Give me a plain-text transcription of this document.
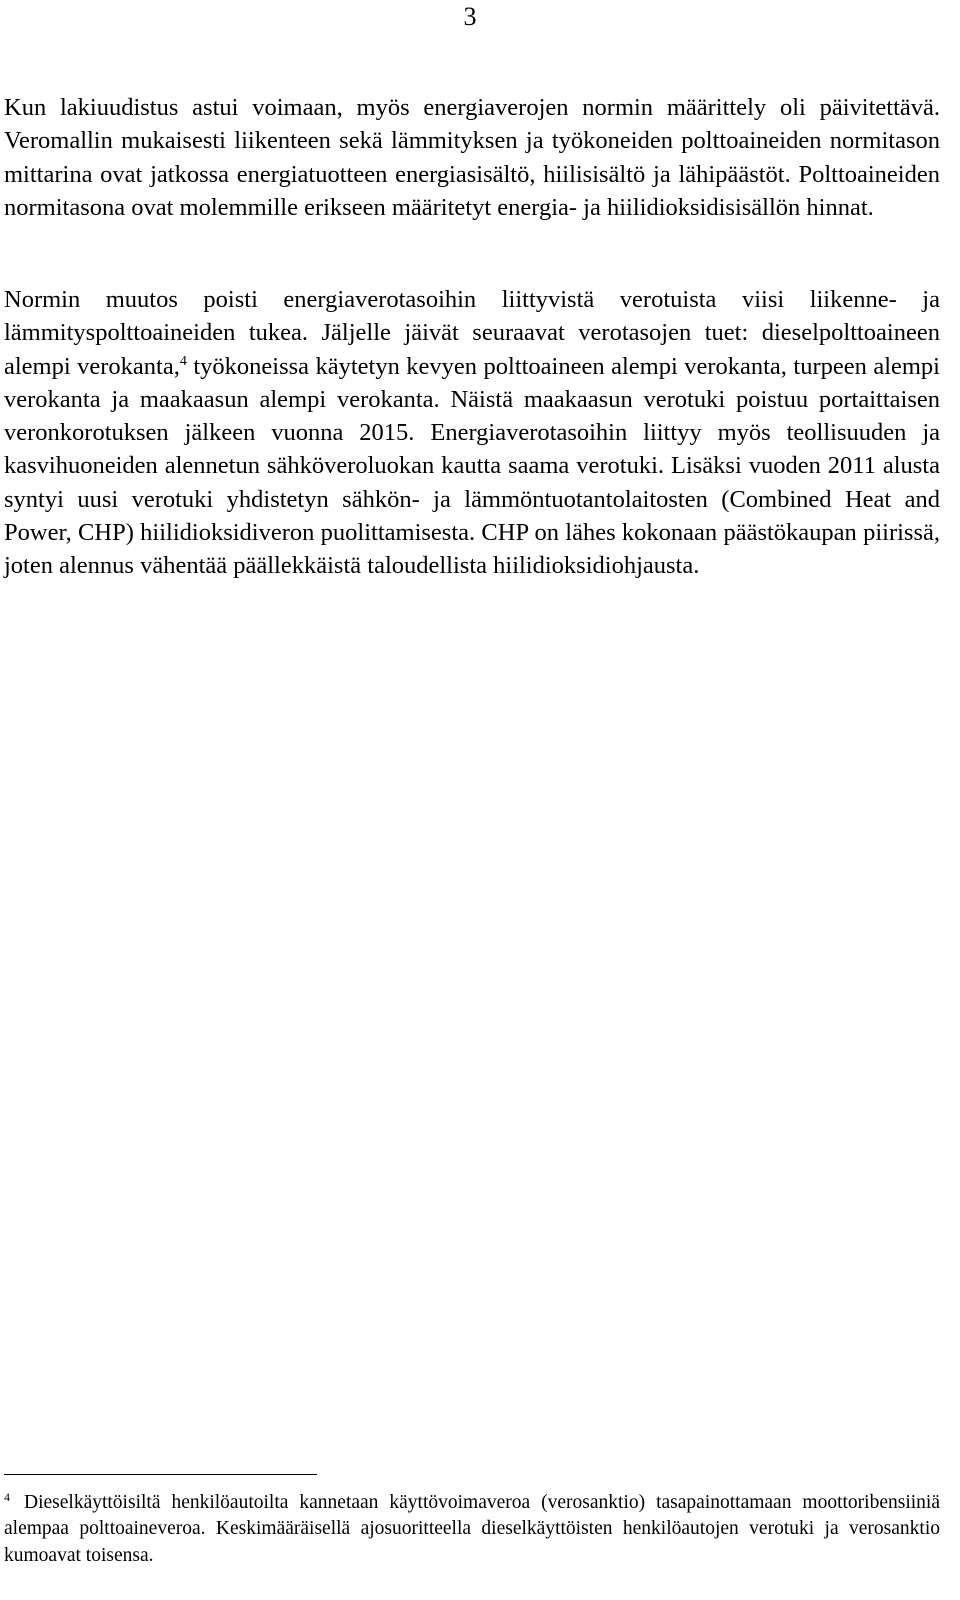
3

Kun lakiuudistus astui voimaan, myös energiaverojen normin määrittely oli päivitettävä. Veromallin mukaisesti liikenteen sekä lämmityksen ja työkoneiden polttoaineiden normitason mittarina ovat jatkossa energiatuotteen energiasisältö, hiilisisältö ja lähipäästöt. Polttoaineiden normitasona ovat molemmille erikseen määritetyt energia- ja hiilidioksidisisällön hinnat.

Normin muutos poisti energiaverotasoihin liittyvistä verotuista viisi liikenne- ja lämmityspolttoaineiden tukea. Jäljelle jäivät seuraavat verotasojen tuet: dieselpolttoaineen alempi verokanta,$^4$ työkoneissa käytetyn kevyen polttoaineen alempi verokanta, turpeen alempi verokanta ja maakaasun alempi verokanta. Näistä maakaasun verotuki poistuu portaittaisen veronkorotuksen jälkeen vuonna 2015. Energiaverotasoihin liittyy myös teollisuuden ja kasvihuoneiden alennetun sähköveroluokan kautta saama verotuki. Lisäksi vuoden 2011 alusta syntyi uusi verotuki yhdistetyn sähkön- ja lämmöntuotantolaitosten (Combined Heat and Power, CHP) hiilidioksidiveron puolittamisesta. CHP on lähes kokonaan päästökaupan piirissä, joten alennus vähentää päällekkäistä taloudellista hiilidioksidiohjausta.

$^4$ Dieselkäyttöisiltä henkilöautoilta kannetaan käyttövoimaveroa (verosanktio) tasapainottamaan moottoribensiiniä alempaa polttoaineveroa. Keskimääräisellä ajosuoritteella dieselkäyttöisten henkilöautojen verotuki ja verosanktio kumoavat toisensa.
